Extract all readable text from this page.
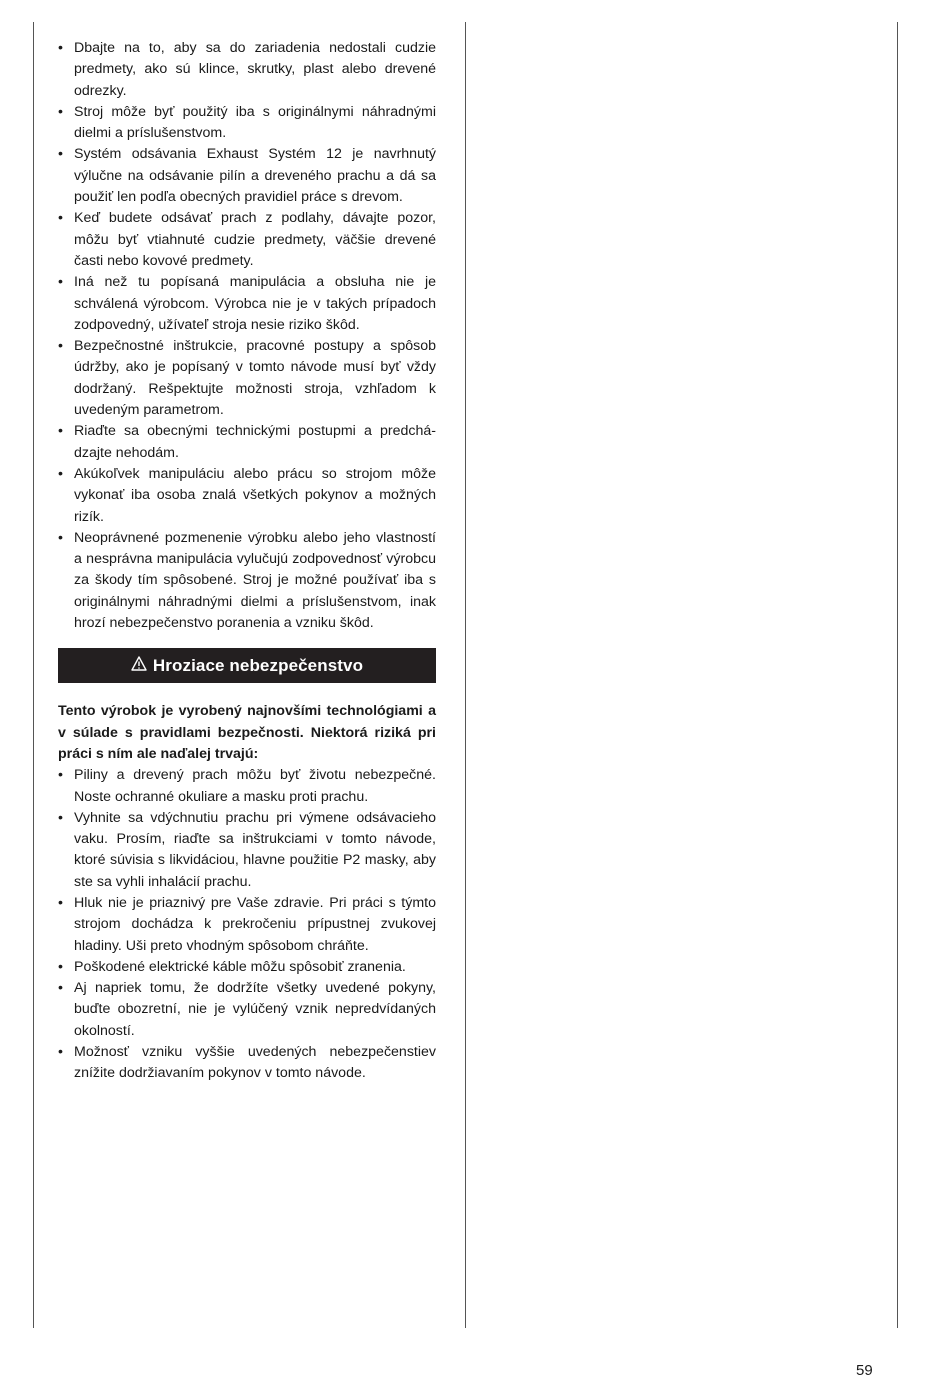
• Dbajte na to, aby sa do zariadenia nedostali cudzie predmety, ako sú klince, skrutky, plast alebo drevené odrezky.
• Stroj môže byť použitý iba s originálnymi náhradnými dielmi a príslušenstvom.
• Systém odsávania Exhaust Systém 12 je navrhnutý výlučne na odsávanie pilín a dreveného prachu a dá sa použiť len podľa obecných pravidiel práce s drevom.
• Keď budete odsávať prach z podlahy, dávajte pozor, môžu byť vtiahnuté cudzie predmety, väčšie drevené časti nebo kovové predmety.
• Iná než tu popísaná manipulácia a obsluha nie je schválená výrobcom. Výrobca nie je v takých prípadoch zodpovedný, užívateľ stroja nesie riziko škôd.
• Bezpečnostné inštrukcie, pracovné postupy a spôsob údržby, ako je popísaný v tomto návode musí byť vždy dodržaný. Rešpektujte možnosti stroja, vzhľadom k uvedeným parametrom.
• Riaďte sa obecnými technickými postupmi a predchádzajte nehodám.
• Akúkoľvek manipuláciu alebo prácu so strojom môže vykonať iba osoba znalá všetkých pokynov a možných rizík.
• Neoprávnené pozmenenie výrobku alebo jeho vlastností a nesprávna manipulácia vylučujú zodpovednosť výrobcu za škody tím spôsobené. Stroj je možné používať iba s originálnymi náhradnými dielmi a príslušenstvom, inak hrozí nebezpečenstvo poranenia a vzniku škôd.
Hroziace nebezpečenstvo

Tento výrobok je vyrobený najnovšími technológiami a v súlade s pravidlami bezpečnosti. Niektorá riziká pri práci s ním ale naďalej trvajú:

• Piliny a drevený prach môžu byť životu nebezpečné. Noste ochranné okuliare a masku proti prachu.
• Vyhnite sa vdýchnutiu prachu pri výmene odsávacieho vaku. Prosím, riaďte sa inštrukciami v tomto návode, ktoré súvisia s likvidáciou, hlavne použitie P2 masky, aby ste sa vyhli inhalácií prachu.
• Hluk nie je priaznivý pre Vaše zdravie. Pri práci s týmto strojom dochádza k prekročeniu prípustnej zvukovej hladiny. Uši preto vhodným spôsobom chráňte.
• Poškodené elektrické káble môžu spôsobiť zranenia.
• Aj napriek tomu, že dodržíte všetky uvedené pokyny, buďte obozretní, nie je vylúčený vznik nepredvídaných okolností.
• Možnosť vzniku vyššie uvedených nebezpečenstiev znížite dodržiavaním pokynov v tomto návode.
59
